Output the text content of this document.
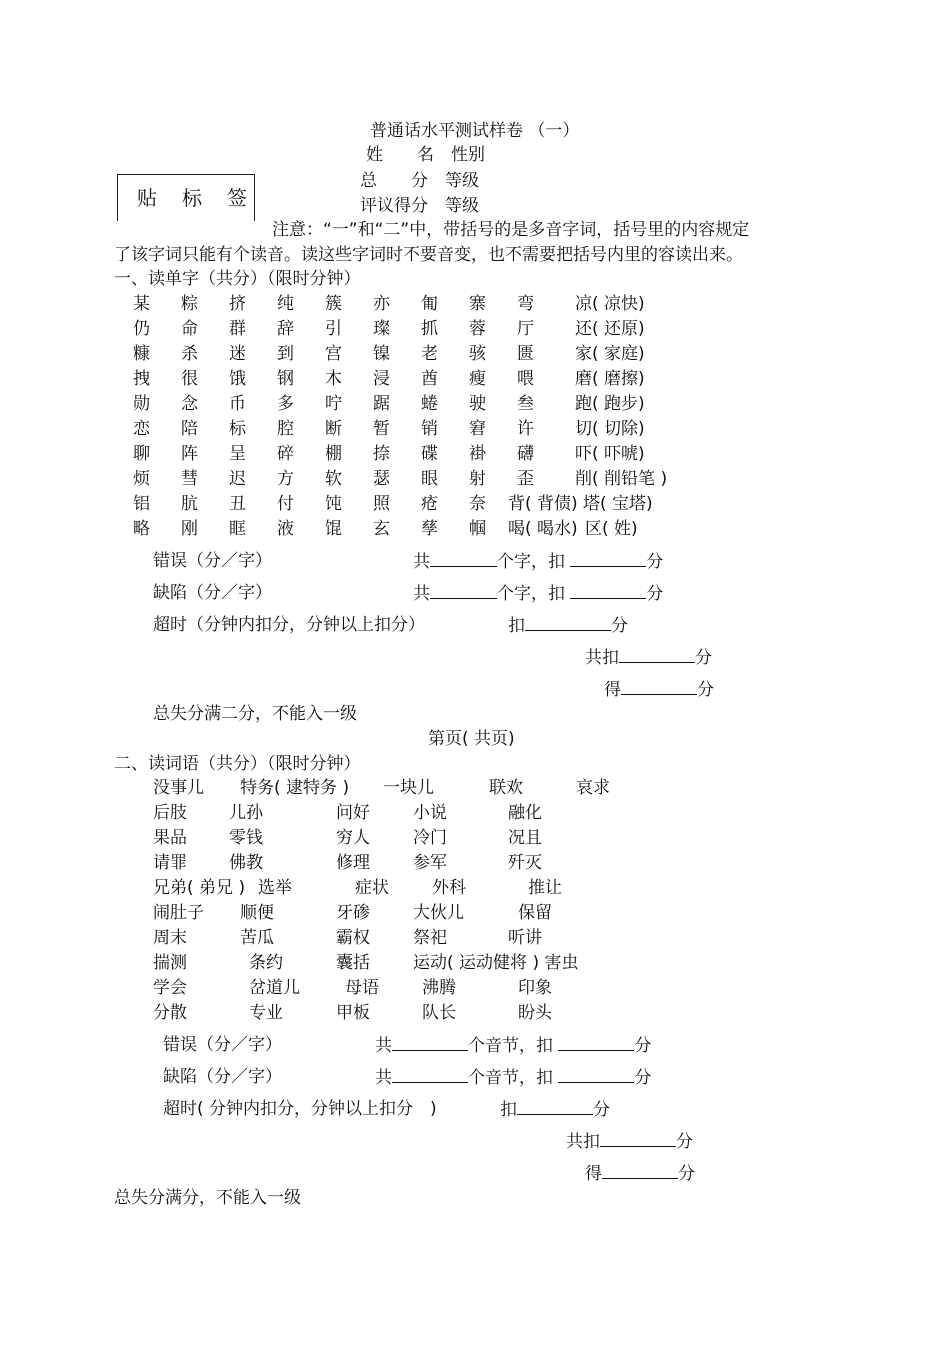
普通话水平测试样卷 （一）
姓　　名　性别
总　　分　等级
评议得分　等级
贴 标 签
注意：“一”和“二”中，带括号的是多音字词，括号里的内容规定
了该字词只能有个读音。读这些字词时不要音变，也不需要把括号内里的容读出来。
一、读单字（共分）（限时分钟）
某 粽 挤 纯 簇 亦 匍 寨 弯 凉( 凉快)
仍 命 群 辞 引 璨 抓 蓉 厅 还( 还原)
糠 杀 迷 到 宫 镍 老 骇 匮 家( 家庭)
拽 很 饿 钢 木 浸 酋 瘦 喂 磨( 磨擦)
勋 念 币 多 咛 踞 蜷 驶 叁 跑( 跑步)
恋 陪 标 腔 断 暂 销 窘 许 切( 切除)
聊 阵 呈 碎 棚 捺 碟 褂 礴 吓( 吓唬)
烦 彗 迟 方 软 瑟 眼 射 歪 削( 削铅笔 )
铝 肮 丑 付 饨 照 疮 奈 背( 背债) 塔( 宝塔)
略 刚 眶 液 馄 玄 孳 帼 喝( 喝水) 区( 姓)
错误（分／字）	共	个字，扣	分
缺陷（分／字）	共	个字，扣	分
超时（分钟内扣分，分钟以上扣分）	扣	分
共扣	分
得	分
总失分满二分，不能入一级
第页( 共页)
二、读词语（共分）（限时分钟）
没事儿 特务( 逮特务 ) 一块儿	联欢	哀求
后肢 儿孙	问好	小说	融化
果品 零钱	穷人	冷门	况且
请罪 佛教	修理	参军	歼灭
兄弟( 弟兄 ) 选举	症状	外科	推让
闹肚子 顺便	牙碜	大伙儿	保留
周末	苦瓜	霸权	祭祀	听讲
揣测	条约	囊括	运动( 运动健将 ) 害虫
学会	岔道儿	母语	沸腾	印象
分散	专业	甲板	队长	盼头
错误（分／字）	共	个音节，扣	分
缺陷（分／字）	共	个音节，扣	分
超时( 分钟内扣分，分钟以上扣分　)	扣	分
共扣	分
得	分
总失分满分，不能入一级
